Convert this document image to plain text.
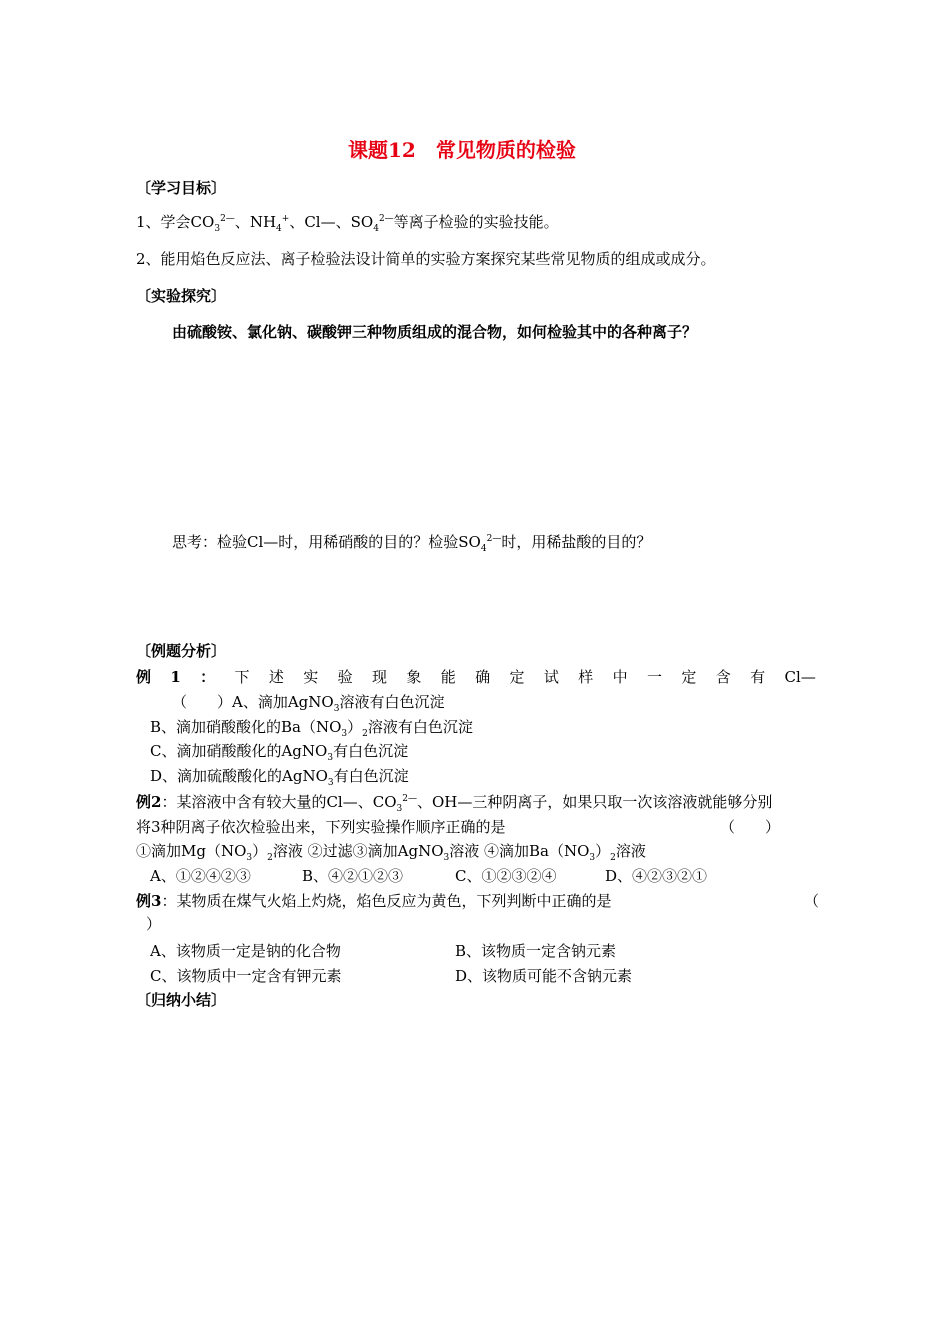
课题12　常见物质的检验
〔学习目标〕
1、学会$CO_3^{2—}$、$NH_4^+$、Cl—、$SO_4^{2—}$等离子检验的实验技能。
2、能用焰色反应法、离子检验法设计简单的实验方案探究某些常见物质的组成或成分。
〔实验探究〕
由硫酸铵、氯化钠、碳酸钾三种物质组成的混合物，如何检验其中的各种离子？
思考：检验Cl—时，用稀硝酸的目的？检验$SO_4^{2—}$时，用稀盐酸的目的？
〔例题分析〕
例 1 ： 下 述 实 验 现 象 能 确 定 试 样 中 一 定 含 有 Cl—
（　　）A、滴加AgNO$_3$溶液有白色沉淀
B、滴加硝酸酸化的$Ba(NO_3)_2$溶液有白色沉淀
C、滴加硝酸酸化的AgNO$_3$有白色沉淀
D、滴加硫酸酸化的AgNO$_3$有白色沉淀
例2：某溶液中含有较大量的Cl—、$CO_3^{2—}$、OH—三种阴离子，如果只取一次该溶液就能够分别
将3种阴离子依次检验出来，下列实验操作顺序正确的是	（　　）
①滴加$Mg(NO_3)_2$溶液 ②过滤③滴加AgNO$_3$溶液 ④滴加$Ba(NO_3)_2$溶液
A、①②④②③	B、④②①②③	C、①②③②④	D、④②③②①
例3：某物质在煤气火焰上灼烧，焰色反应为黄色，下列判断中正确的是	（
）
A、该物质一定是钠的化合物	B、该物质一定含钠元素
C、该物质中一定含有钾元素	D、该物质可能不含钠元素
〔归纳小结〕
